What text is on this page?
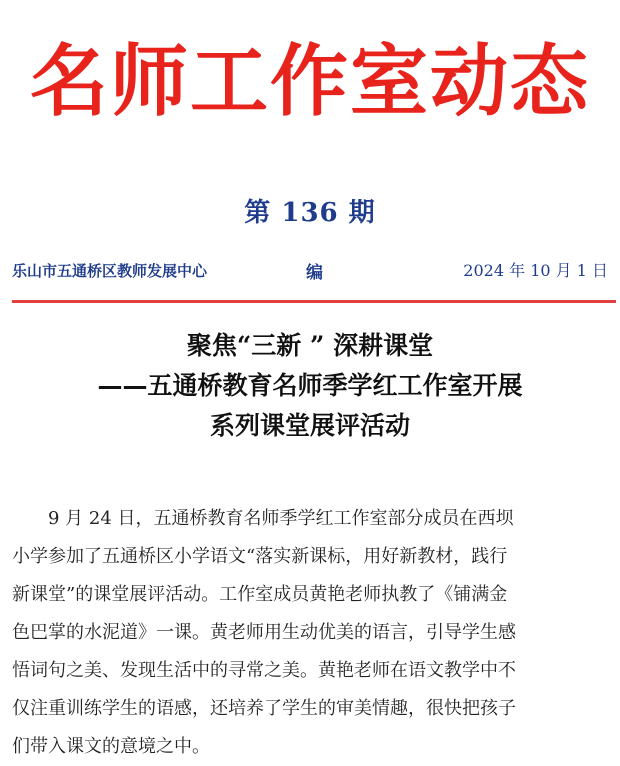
名师工作室动态
第 136 期
乐山市五通桥区教师发展中心	编	2024 年 10 月 1 日
聚焦“三新 ” 深耕课堂
——五通桥教育名师季学红工作室开展
系列课堂展评活动
　　9 月 24 日，五通桥教育名师季学红工作室部分成员在西坝
小学参加了五通桥区小学语文“落实新课标，用好新教材，践行
新课堂”的课堂展评活动。工作室成员黄艳老师执教了《铺满金
色巴掌的水泥道》一课。黄老师用生动优美的语言，引导学生感
悟词句之美、发现生活中的寻常之美。黄艳老师在语文教学中不
仅注重训练学生的语感，还培养了学生的审美情趣，很快把孩子
们带入课文的意境之中。
